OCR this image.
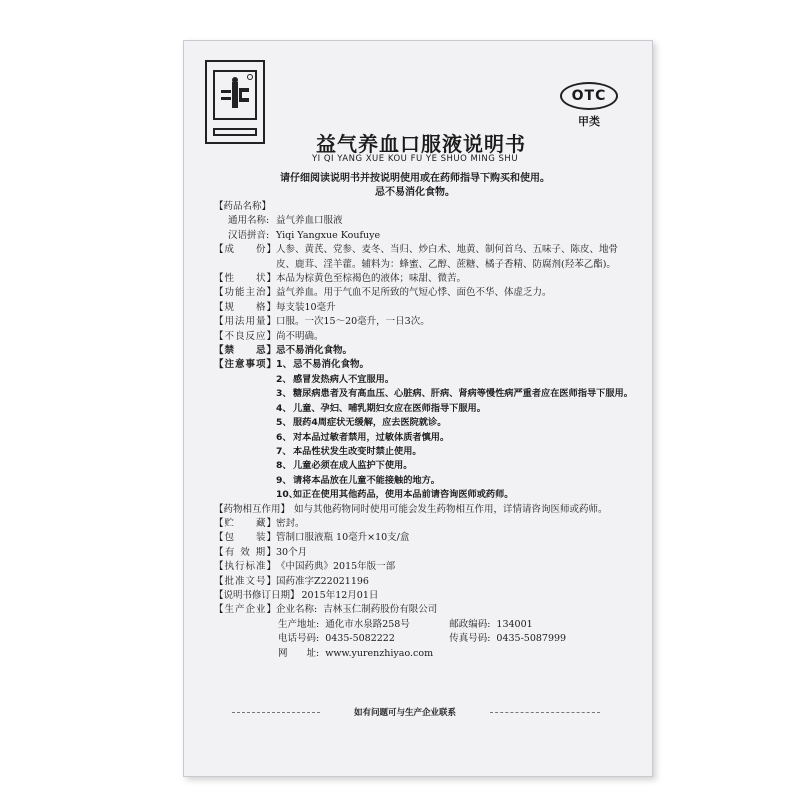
OTC
甲类
益气养血口服液说明书
YI QI YANG XUE KOU FU YE SHUO MING SHU
请仔细阅读说明书并按说明使用或在药师指导下购买和使用。
忌不易消化食物。
【药品名称】
通用名称: 益气养血口服液
汉语拼音: Yiqi Yangxue Koufuye
【成　　份】 人参、黄芪、党参、麦冬、当归、炒白术、地黄、制何首乌、五味子、陈皮、地骨皮、鹿茸、淫羊藿。辅料为：蜂蜜、乙醇、蔗糖、橘子香精、防腐剂(羟苯乙酯)。
【性　　状】 本品为棕黄色至棕褐色的液体；味甜、微苦。
【功能主治】 益气养血。用于气血不足所致的气短心悸、面色不华、体虚乏力。
【规　　格】 每支装10毫升
【用法用量】 口服。一次15～20毫升，一日3次。
【不良反应】 尚不明确。
【禁　　忌】 忌不易消化食物。
【注意事项】 1、忌不易消化食物。
2、 感冒发热病人不宜服用。
3、 糖尿病患者及有高血压、心脏病、肝病、肾病等慢性病严重者应在医师指导下服用。
4、 儿童、孕妇、哺乳期妇女应在医师指导下服用。
5、 服药4周症状无缓解，应去医院就诊。
6、 对本品过敏者禁用，过敏体质者慎用。
7、 本品性状发生改变时禁止使用。
8、 儿童必须在成人监护下使用。
9、 请将本品放在儿童不能接触的地方。
10、
如正在使用其他药品，使用本品前请咨询医师或药师。
【药物相互作用】 如与其他药物同时使用可能会发生药物相互作用，详情请咨询医师或药师。
【贮　　藏】 密封。
【包　　装】 管制口服液瓶 10毫升×10支/盒
【有 效 期】 30个月
【执行标准】 《中国药典》2015年版一部
【批准文号】 国药准字Z22021196
【说明书修订日期】 2015年12月01日
【生产企业】 企业名称: 吉林玉仁制药股份有限公司
生产地址: 通化市水泉路258号	邮政编码: 134001
电话号码: 0435-5082222	传真号码: 0435-5087999
网　　址: www.yurenzhiyao.com
如有问题可与生产企业联系
